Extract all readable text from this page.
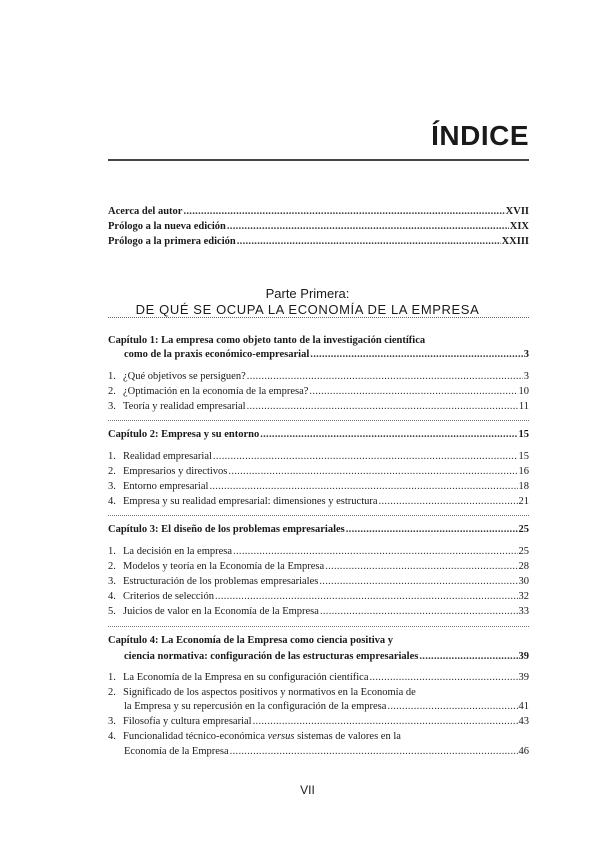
ÍNDICE
Acerca del autor .....	XVII
Prólogo a la nueva edición .....	XIX
Prólogo a la primera edición .....	XXIII
Parte Primera:
DE QUÉ SE OCUPA LA ECONOMÍA DE LA EMPRESA
Capítulo 1: La empresa como objeto tanto de la investigación científica
como de la praxis económico-empresarial .....	3
1. ¿Qué objetivos se persiguen? .....	3
2. ¿Optimación en la economía de la empresa? .....	10
3. Teoría y realidad empresarial .....	11
Capítulo 2: Empresa y su entorno .....	15
1. Realidad empresarial .....	15
2. Empresarios y directivos .....	16
3. Entorno empresarial .....	18
4. Empresa y su realidad empresarial: dimensiones y estructura .....	21
Capítulo 3: El diseño de los problemas empresariales .....	25
1. La decisión en la empresa .....	25
2. Modelos y teoría en la Economía de la Empresa .....	28
3. Estructuración de los problemas empresariales .....	30
4. Criterios de selección .....	32
5. Juicios de valor en la Economía de la Empresa .....	33
Capítulo 4: La Economía de la Empresa como ciencia positiva y
ciencia normativa: configuración de las estructuras empresariales .....	39
1. La Economía de la Empresa en su configuración científica .....	39
2. Significado de los aspectos positivos y normativos en la Economía de
la Empresa y su repercusión en la configuración de la empresa .....	41
3. Filosofía y cultura empresarial .....	43
4. Funcionalidad técnico-económica versus sistemas de valores en la
Economía de la Empresa .....	46
VII
